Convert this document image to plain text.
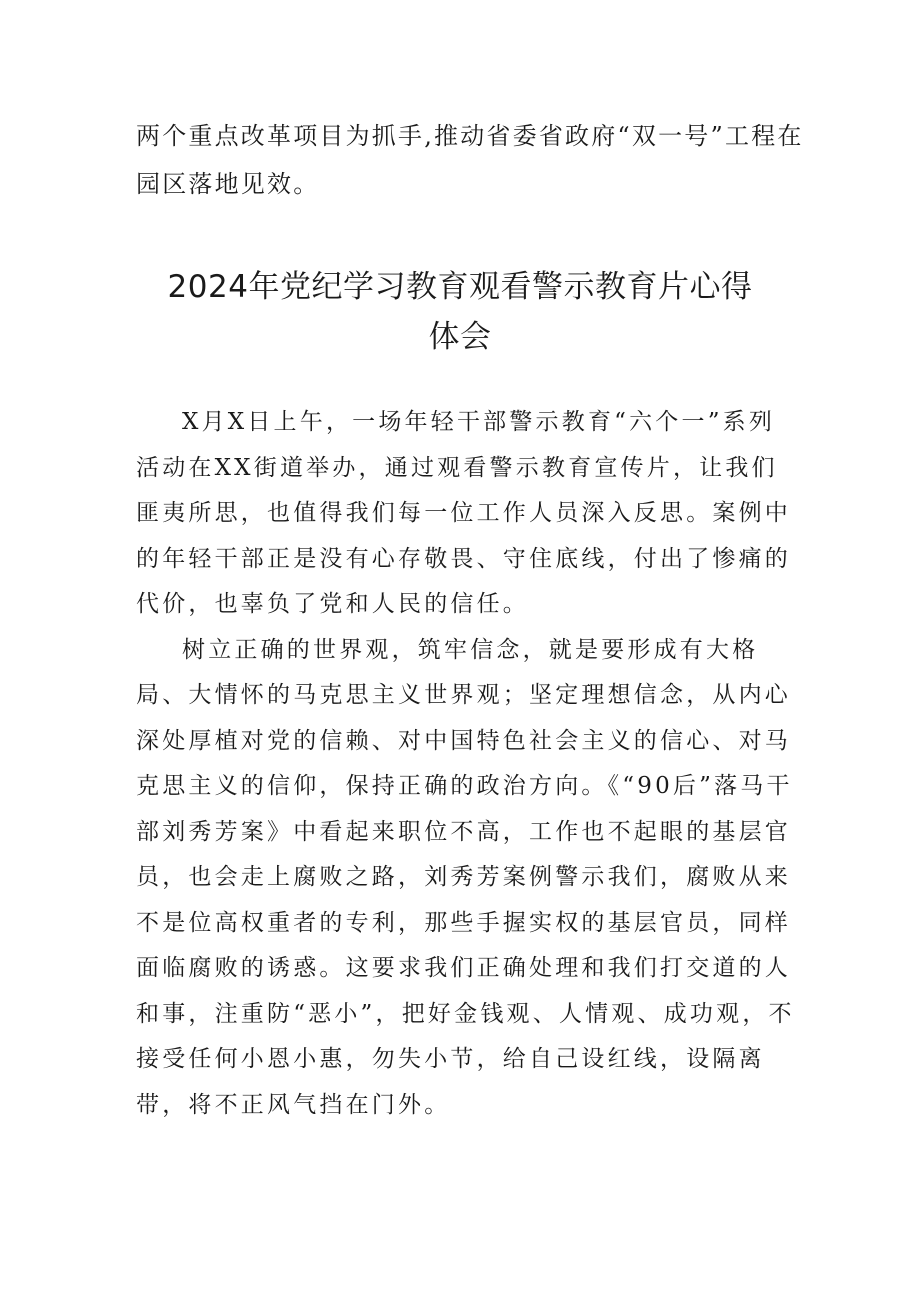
两个重点改革项目为抓手,推动省委省政府“双一号”工程在园区落地见效。

2024年党纪学习教育观看警示教育片心得
体会

X月X日上午，一场年轻干部警示教育“六个一”系列活动在XX街道举办，通过观看警示教育宣传片，让我们匪夷所思，也值得我们每一位工作人员深入反思。案例中的年轻干部正是没有心存敬畏、守住底线，付出了惨痛的代价，也辜负了党和人民的信任。

树立正确的世界观，筑牢信念，就是要形成有大格局、大情怀的马克思主义世界观；坚定理想信念，从内心深处厚植对党的信赖、对中国特色社会主义的信心、对马克思主义的信仰，保持正确的政治方向。《“90后”落马干部刘秀芳案》中看起来职位不高，工作也不起眼的基层官员，也会走上腐败之路，刘秀芳案例警示我们，腐败从来不是位高权重者的专利，那些手握实权的基层官员，同样面临腐败的诱惑。这要求我们正确处理和我们打交道的人和事，注重防“恶小”，把好金钱观、人情观、成功观，不接受任何小恩小惠，勿失小节，给自己设红线，设隔离带，将不正风气挡在门外。
